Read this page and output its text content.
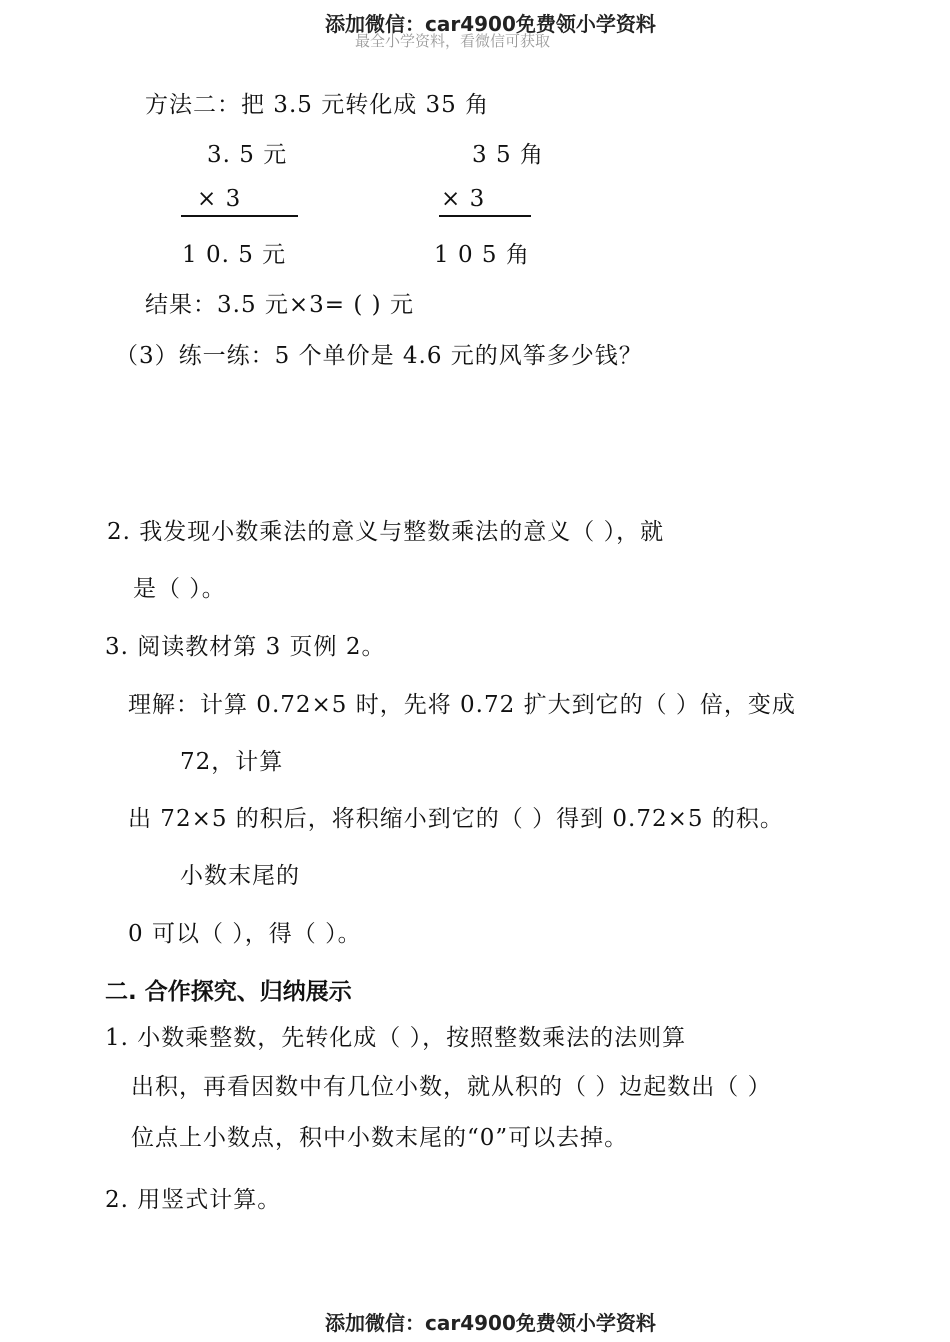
添加微信：car4900免费领小学资料
最全小学资料，看微信可获取
方法二：把 3.5 元转化成 35 角
3. 5 元
× 3
1 0. 5 元
3 5 角
× 3
1 0 5 角
结果：3.5 元×3= ( ) 元
（3）练一练：5 个单价是 4.6 元的风筝多少钱？
2. 我发现小数乘法的意义与整数乘法的意义（ ），就
是（ ）。
3. 阅读教材第 3 页例 2。
理解：计算 0.72×5 时，先将 0.72 扩大到它的（ ）倍，变成
72，计算
出 72×5 的积后，将积缩小到它的（ ）得到 0.72×5 的积。
小数末尾的
0 可以（ ），得（ ）。
二. 合作探究、归纳展示
1. 小数乘整数，先转化成（ ），按照整数乘法的法则算
出积，再看因数中有几位小数，就从积的（ ）边起数出（ ）
位点上小数点，积中小数末尾的“0”可以去掉。
2. 用竖式计算。
添加微信：car4900免费领小学资料
